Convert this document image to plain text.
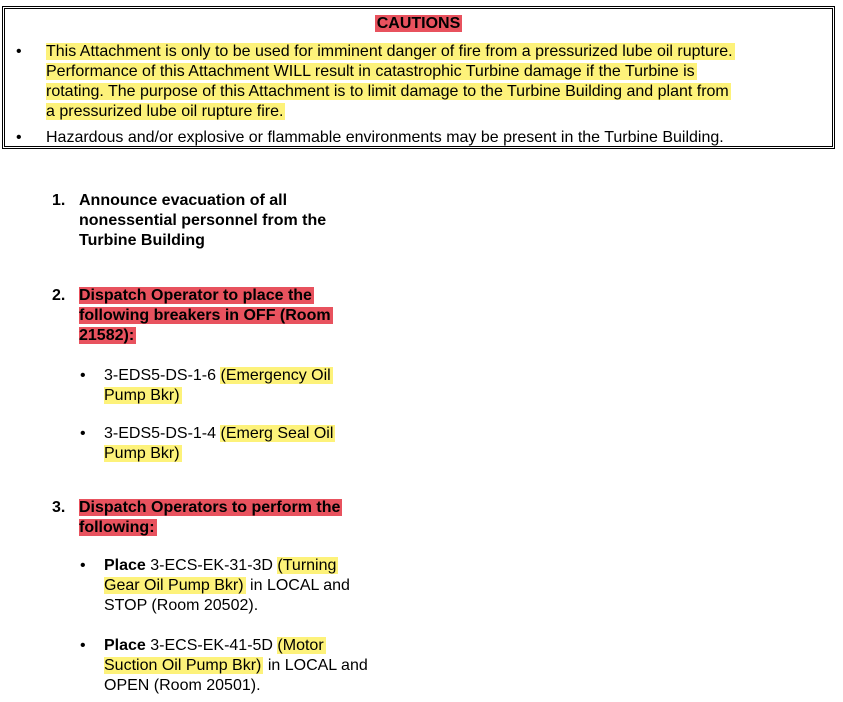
CAUTIONS
• This Attachment is only to be used for imminent danger of fire from a pressurized lube oil rupture.
Performance of this Attachment WILL result in catastrophic Turbine damage if the Turbine is
rotating. The purpose of this Attachment is to limit damage to the Turbine Building and plant from
a pressurized lube oil rupture fire.
• Hazardous and/or explosive or flammable environments may be present in the Turbine Building.
1. Announce evacuation of all
nonessential personnel from the
Turbine Building
2. Dispatch Operator to place the
following breakers in OFF (Room
21582):
• 3-EDS5-DS-1-6 (Emergency Oil
Pump Bkr)
• 3-EDS5-DS-1-4 (Emerg Seal Oil
Pump Bkr)
3. Dispatch Operators to perform the
following:
• Place 3-ECS-EK-31-3D (Turning
Gear Oil Pump Bkr) in LOCAL and
STOP (Room 20502).
• Place 3-ECS-EK-41-5D (Motor
Suction Oil Pump Bkr) in LOCAL and
OPEN (Room 20501).
